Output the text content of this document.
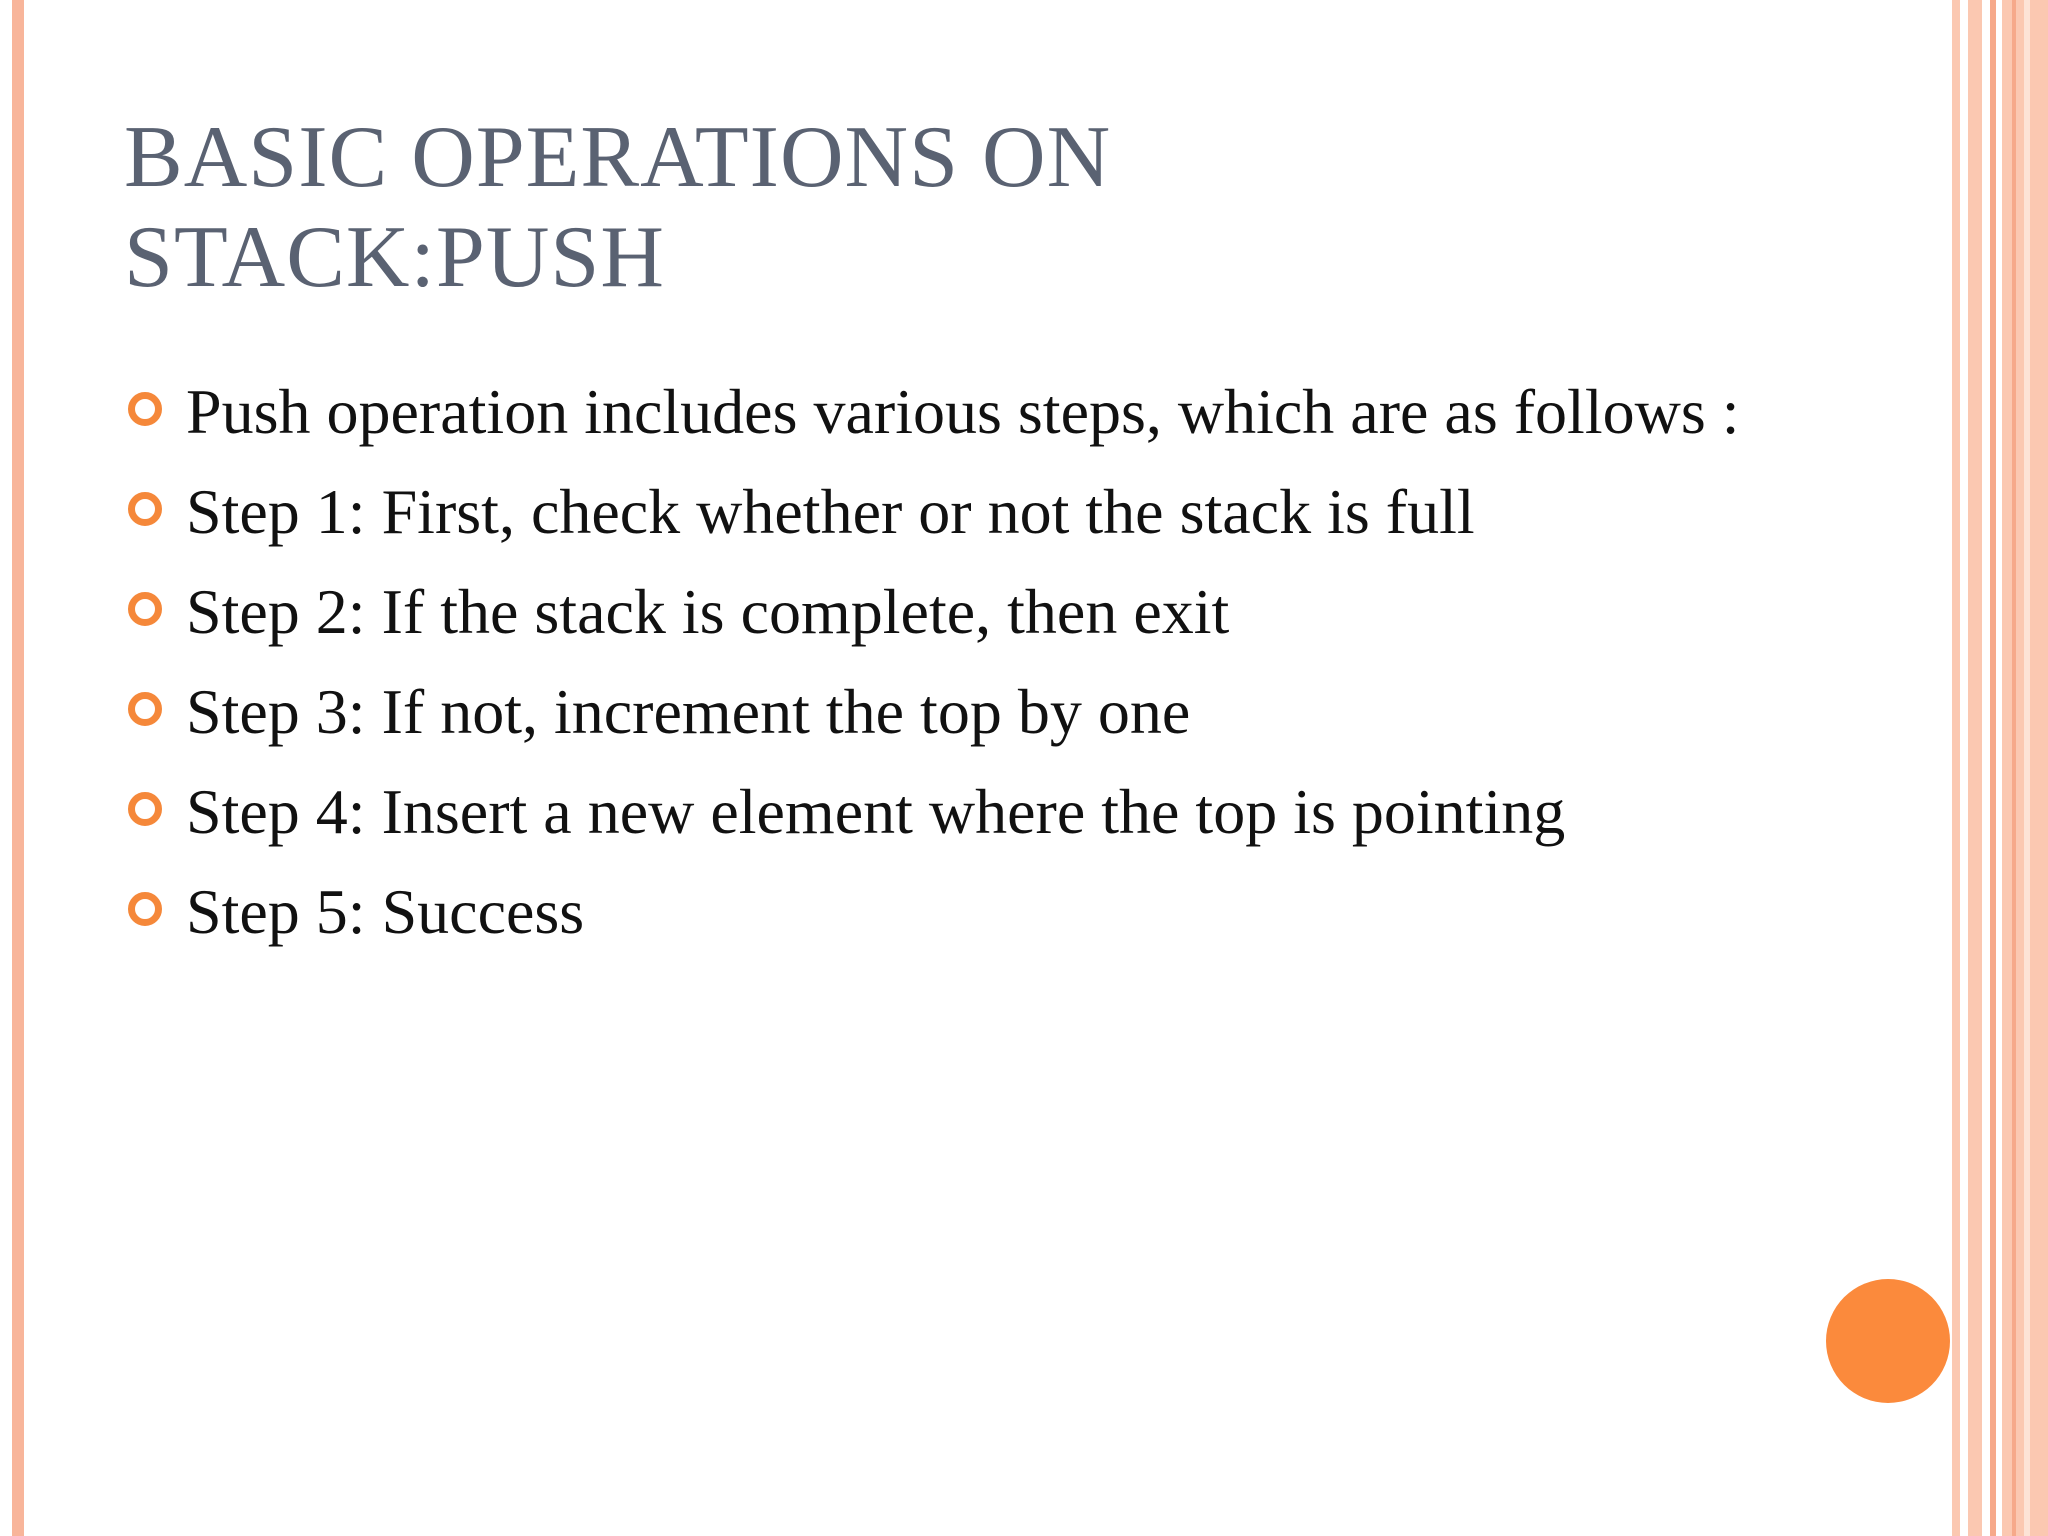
BASIC OPERATIONS ON
STACK:PUSH
Push operation includes various steps, which are as follows :
Step 1: First, check whether or not the stack is full
Step 2: If the stack is complete, then exit
Step 3: If not, increment the top by one
Step 4: Insert a new element where the top is pointing
Step 5: Success
